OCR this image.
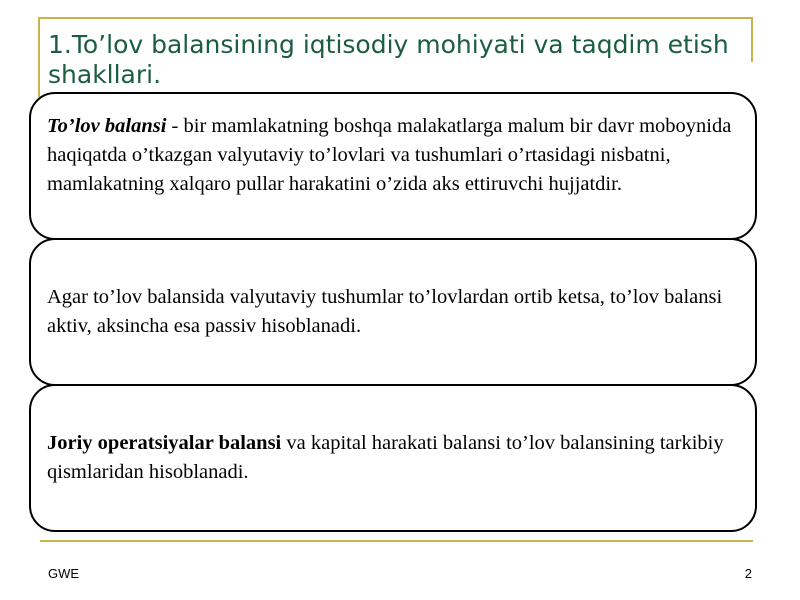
1.To’lov balansining iqtisodiy mohiyati va taqdim etish shakllari.

To’lov balansi - bir mamlakatning boshqa malakatlarga malum bir davr moboynida haqiqatda o’tkazgan valyutaviy to’lovlari va tushumlari o’rtasidagi nisbatni, mamlakatning xalqaro pullar harakatini o’zida aks ettiruvchi hujjatdir.

Agar to’lov balansida valyutaviy tushumlar to’lovlardan ortib ketsa, to’lov balansi aktiv, aksincha esa passiv hisoblanadi.

Joriy operatsiyalar balansi va kapital harakati balansi to’lov balansining tarkibiy qismlaridan hisoblanadi.

GWE	2
